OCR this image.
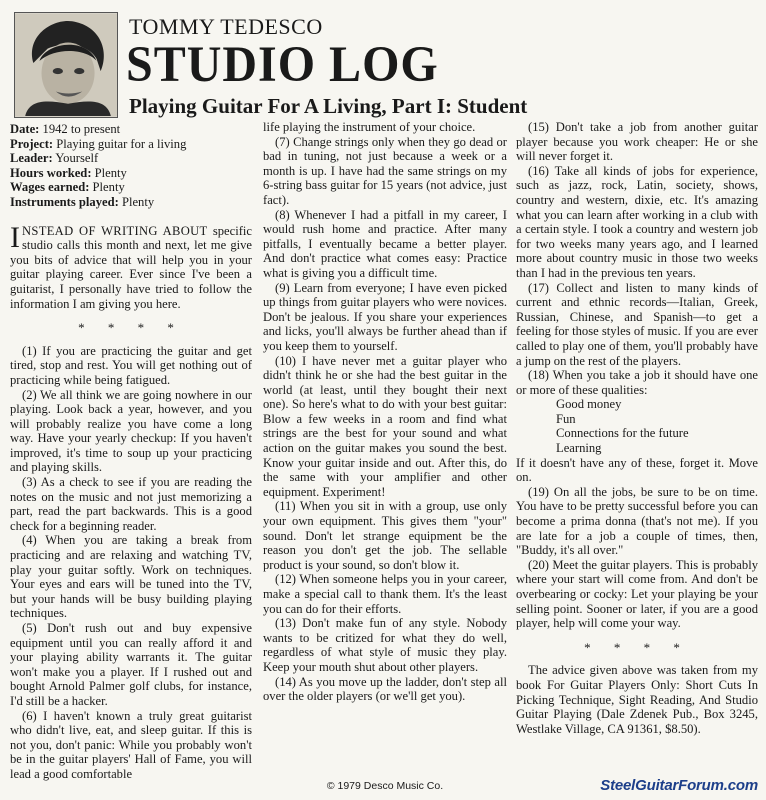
TOMMY TEDESCO
STUDIO LOG
Playing Guitar For A Living, Part I: Student
Date: 1942 to present
Project: Playing guitar for a living
Leader: Yourself
Hours worked: Plenty
Wages earned: Plenty
Instruments played: Plenty

INSTEAD OF WRITING ABOUT specific studio calls this month and next, let me give you bits of advice that will help you in your guitar playing career. Ever since I've been a guitarist, I personally have tried to follow the information I am giving you here.

* * * *

(1) If you are practicing the guitar and get tired, stop and rest. You will get nothing out of practicing while being fatigued.

(2) We all think we are going nowhere in our playing. Look back a year, however, and you will probably realize you have come a long way. Have your yearly checkup: If you haven't improved, it's time to soup up your practicing and playing skills.

(3) As a check to see if you are reading the notes on the music and not just memorizing a part, read the part backwards. This is a good check for a beginning reader.

(4) When you are taking a break from practicing and are relaxing and watching TV, play your guitar softly. Work on techniques. Your eyes and ears will be tuned into the TV, but your hands will be busy building playing techniques.

(5) Don't rush out and buy expensive equipment until you can really afford it and your playing ability warrants it. The guitar won't make you a player. If I rushed out and bought Arnold Palmer golf clubs, for instance, I'd still be a hacker.

(6) I haven't known a truly great guitarist who didn't live, eat, and sleep guitar. If this is not you, don't panic: While you probably won't be in the guitar players' Hall of Fame, you will lead a good comfortable

life playing the instrument of your choice.

(7) Change strings only when they go dead or bad in tuning, not just because a week or a month is up. I have had the same strings on my 6-string bass guitar for 15 years (not advice, just fact).

(8) Whenever I had a pitfall in my career, I would rush home and practice. After many pitfalls, I eventually became a better player. And don't practice what comes easy: Practice what is giving you a difficult time.

(9) Learn from everyone; I have even picked up things from guitar players who were novices. Don't be jealous. If you share your experiences and licks, you'll always be further ahead than if you keep them to yourself.

(10) I have never met a guitar player who didn't think he or she had the best guitar in the world (at least, until they bought their next one). So here's what to do with your best guitar: Blow a few weeks in a room and find what strings are the best for your sound and what action on the guitar makes you sound the best. Know your guitar inside and out. After this, do the same with your amplifier and other equipment. Experiment!

(11) When you sit in with a group, use only your own equipment. This gives them "your" sound. Don't let strange equipment be the reason you don't get the job. The sellable product is your sound, so don't blow it.

(12) When someone helps you in your career, make a special call to thank them. It's the least you can do for their efforts.

(13) Don't make fun of any style. Nobody wants to be critized for what they do well, regardless of what style of music they play. Keep your mouth shut about other players.

(14) As you move up the ladder, don't step all over the older players (or we'll get you).

(15) Don't take a job from another guitar player because you work cheaper: He or she will never forget it.

(16) Take all kinds of jobs for experience, such as jazz, rock, Latin, society, shows, country and western, dixie, etc. It's amazing what you can learn after working in a club with a certain style. I took a country and western job for two weeks many years ago, and I learned more about country music in those two weeks than I had in the previous ten years.

(17) Collect and listen to many kinds of current and ethnic records—Italian, Greek, Russian, Chinese, and Spanish—to get a feeling for those styles of music. If you are ever called to play one of them, you'll probably have a jump on the rest of the players.

(18) When you take a job it should have one or more of these qualities:

Good money

Fun

Connections for the future

Learning

If it doesn't have any of these, forget it. Move on.

(19) On all the jobs, be sure to be on time. You have to be pretty successful before you can become a prima donna (that's not me). If you are late for a job a couple of times, then, "Buddy, it's all over."

(20) Meet the guitar players. This is probably where your start will come from. And don't be overbearing or cocky: Let your playing be your selling point. Sooner or later, if you are a good player, help will come your way.

* * * *

The advice given above was taken from my book For Guitar Players Only: Short Cuts In Picking Technique, Sight Reading, And Studio Guitar Playing (Dale Zdenek Pub., Box 3245, Westlake Village, CA 91361, $8.50).

© 1979 Desco Music Co.	SteelGuitarForum.com
